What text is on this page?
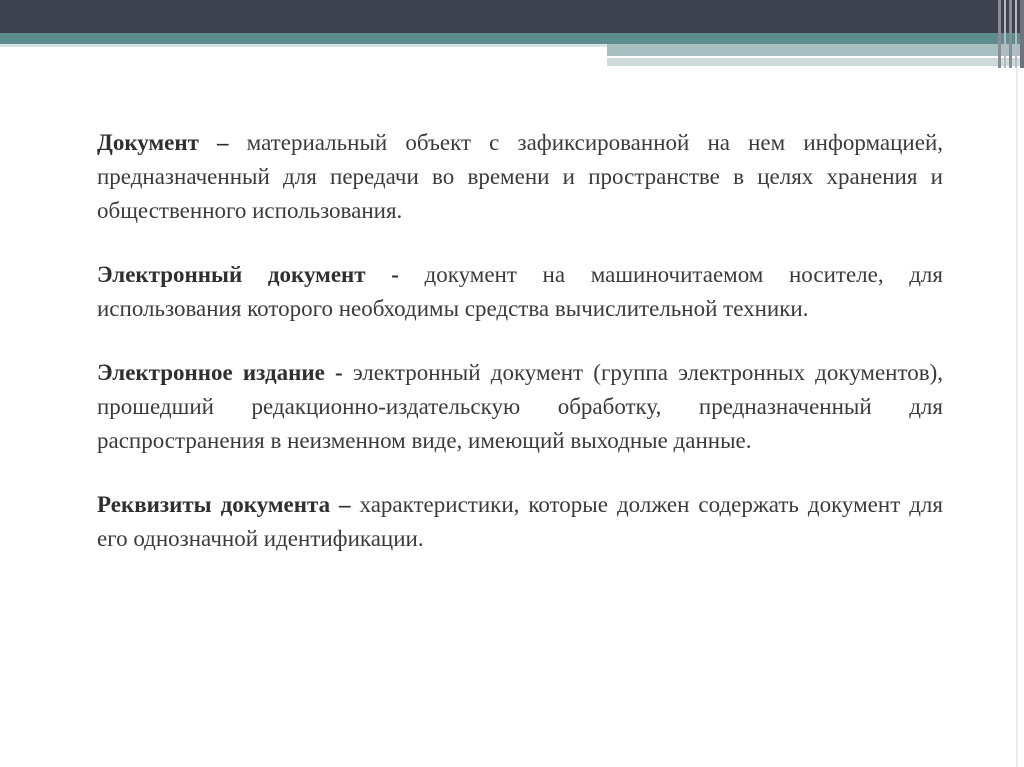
Документ – материальный объект с зафиксированной на нем информацией, предназначенный для передачи во времени и пространстве в целях хранения и общественного использования.

Электронный документ - документ на машиночитаемом носителе, для использования которого необходимы средства вычислительной техники.

Электронное издание - электронный документ (группа электронных документов), прошедший редакционно-издательскую обработку, предназначенный для распространения в неизменном виде, имеющий выходные данные.

Реквизиты документа – характеристики, которые должен содержать документ для его однозначной идентификации.
